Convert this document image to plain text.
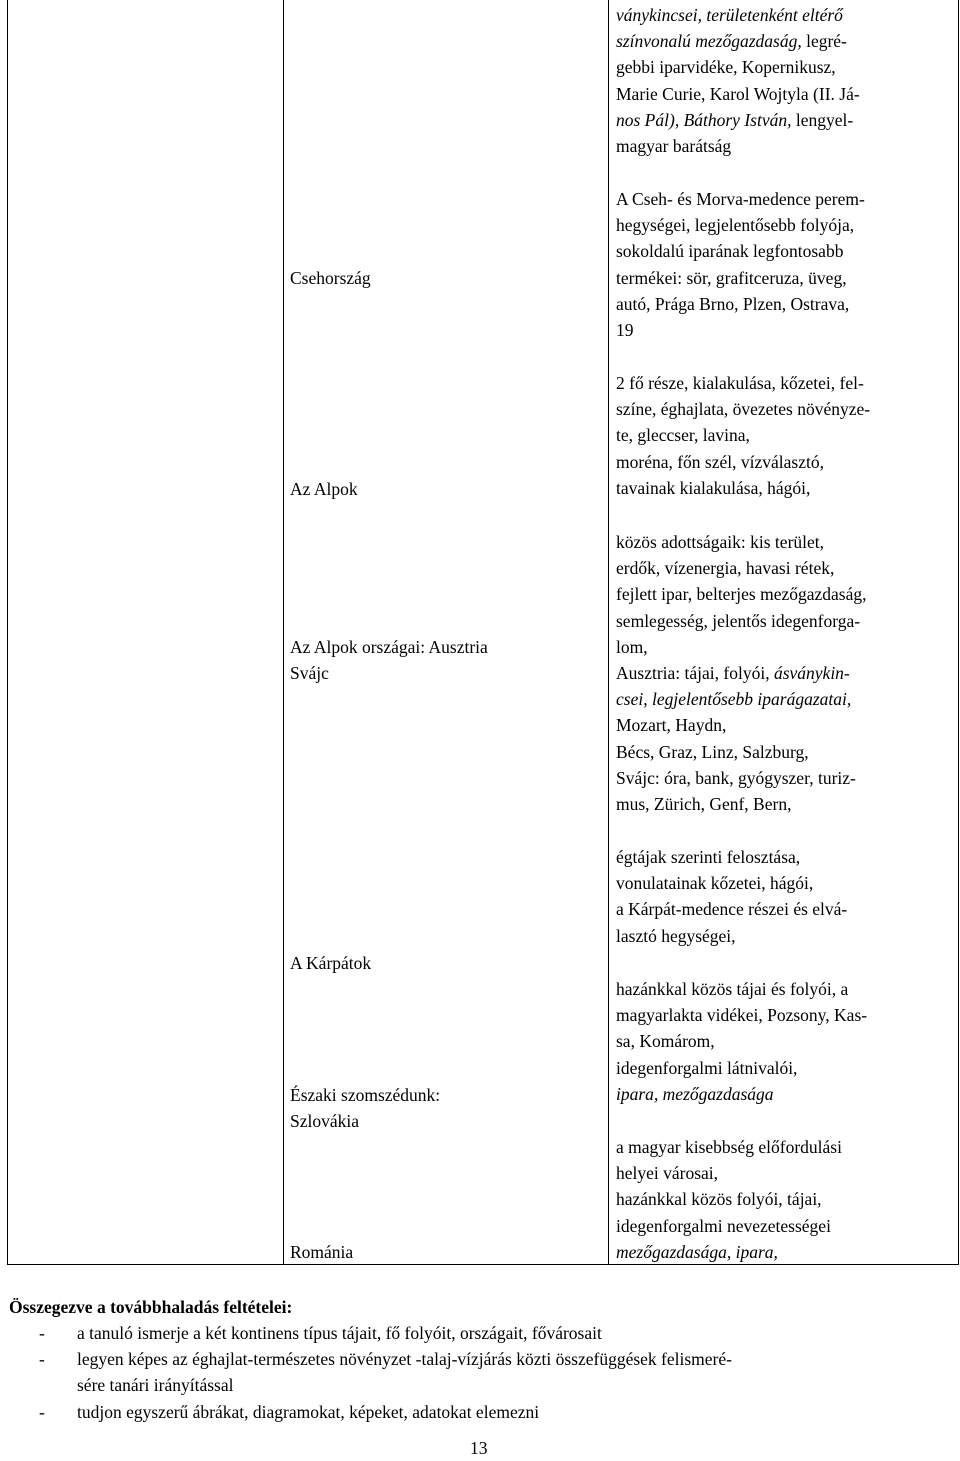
Csehország
Az Alpok
Az Alpok országai: Ausztria
Svájc
A Kárpátok
Északi szomszédunk:
Szlovákia
Románia
ványkincsei, területenként eltérő
színvonalú mezőgazdaság, legré-
gebbi iparvidéke, Kopernikusz,
Marie Curie, Karol Wojtyla (II. Já-
nos Pál), Báthory István, lengyel-
magyar barátság
A Cseh- és Morva-medence perem-
hegységei, legjelentősebb folyója,
sokoldalú iparának legfontosabb
termékei: sör, grafitceruza, üveg,
autó, Prága Brno, Plzen, Ostrava,
19
2 fő része, kialakulása, kőzetei, fel-
színe, éghajlata, övezetes növényze-
te, gleccser, lavina,
moréna, főn szél, vízválasztó,
tavainak kialakulása, hágói,
közös adottságaik: kis terület,
erdők, vízenergia, havasi rétek,
fejlett ipar, belterjes mezőgazdaság,
semlegesség, jelentős idegenforga-
lom,
Ausztria: tájai, folyói, ásványkin-
csei, legjelentősebb iparágazatai,
Mozart, Haydn,
Bécs, Graz, Linz, Salzburg,
Svájc: óra, bank, gyógyszer, turiz-
mus, Zürich, Genf, Bern,
égtájak szerinti felosztása,
vonulatainak kőzetei, hágói,
a Kárpát-medence részei és elvá-
lasztó hegységei,
hazánkkal közös tájai és folyói, a
magyarlakta vidékei, Pozsony, Kas-
sa, Komárom,
idegenforgalmi látnivalói,
ipara, mezőgazdasága
a magyar kisebbség előfordulási
helyei városai,
hazánkkal közös folyói, tájai,
idegenforgalmi nevezetességei
mezőgazdasága, ipara,
Összegezve a továbbhaladás feltételei:
- a tanuló ismerje a két kontinens típus tájait, fő folyóit, országait, fővárosait
- legyen képes az éghajlat-természetes növényzet -talaj-vízjárás közti összefüggések felismeré-
sére tanári irányítással
- tudjon egyszerű ábrákat, diagramokat, képeket, adatokat elemezni
13
